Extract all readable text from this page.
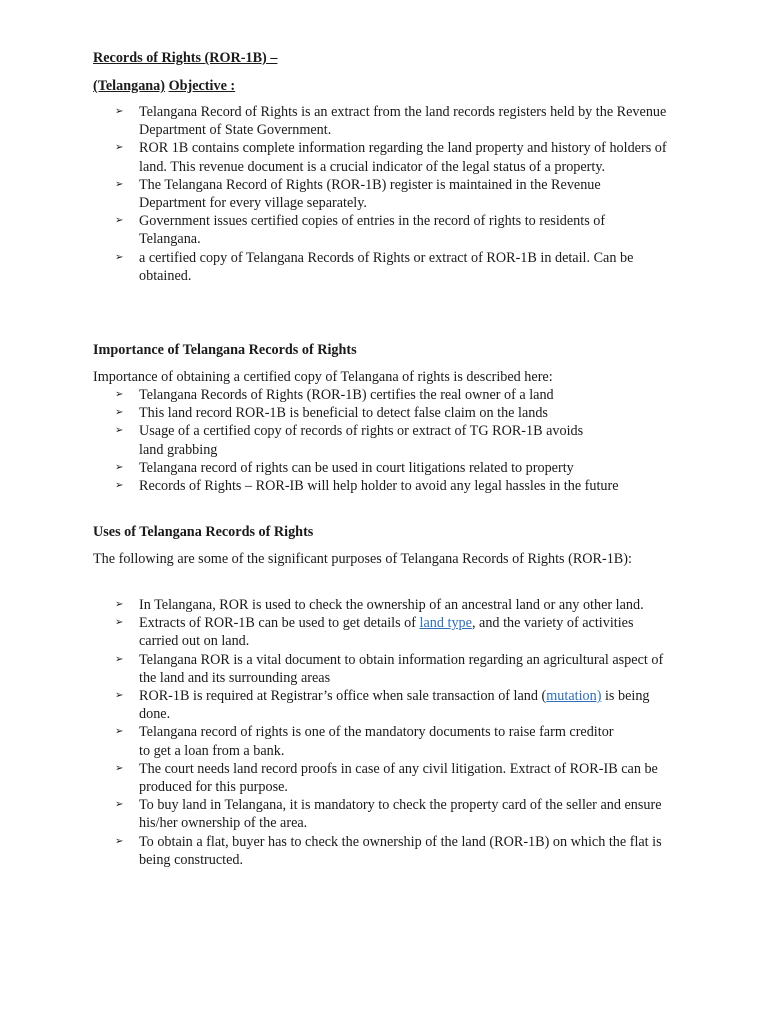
Records of Rights (ROR-1B) –

(Telangana) Objective :

➢ Telangana Record of Rights is an extract from the land records registers held by the Revenue Department of State Government.
➢ ROR 1B contains complete information regarding the land property and history of holders of land. This revenue document is a crucial indicator of the legal status of a property.
➢ The Telangana Record of Rights (ROR-1B) register is maintained in the Revenue Department for every village separately.
➢ Government issues certified copies of entries in the record of rights to residents of Telangana.
➢ a certified copy of Telangana Records of Rights or extract of ROR-1B in detail. Can be obtained.

Importance of Telangana Records of Rights

Importance of obtaining a certified copy of Telangana of rights is described here:

➢ Telangana Records of Rights (ROR-1B) certifies the real owner of a land
➢ This land record ROR-1B is beneficial to detect false claim on the lands
➢ Usage of a certified copy of records of rights or extract of TG ROR-1B avoids land grabbing
➢ Telangana record of rights can be used in court litigations related to property
➢ Records of Rights – ROR-IB will help holder to avoid any legal hassles in the future

Uses of Telangana Records of Rights

The following are some of the significant purposes of Telangana Records of Rights (ROR-1B):

➢ In Telangana, ROR is used to check the ownership of an ancestral land or any other land.
➢ Extracts of ROR-1B can be used to get details of land type, and the variety of activities carried out on land.
➢ Telangana ROR is a vital document to obtain information regarding an agricultural aspect of the land and its surrounding areas
➢ ROR-1B is required at Registrar’s office when sale transaction of land (mutation) is being done.
➢ Telangana record of rights is one of the mandatory documents to raise farm creditor to get a loan from a bank.
➢ The court needs land record proofs in case of any civil litigation. Extract of ROR-IB can be produced for this purpose.
➢ To buy land in Telangana, it is mandatory to check the property card of the seller and ensure his/her ownership of the area.
➢ To obtain a flat, buyer has to check the ownership of the land (ROR-1B) on which the flat is being constructed.
